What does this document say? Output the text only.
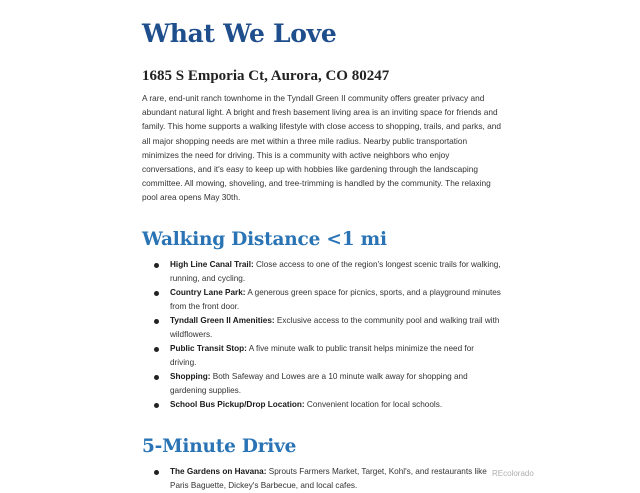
What We Love
1685 S Emporia Ct, Aurora, CO 80247

A rare, end-unit ranch townhome in the Tyndall Green II community offers greater privacy and abundant natural light. A bright and fresh basement living area is an inviting space for friends and family. This home supports a walking lifestyle with close access to shopping, trails, and parks, and all major shopping needs are met within a three mile radius. Nearby public transportation minimizes the need for driving. This is a community with active neighbors who enjoy conversations, and it's easy to keep up with hobbies like gardening through the landscaping committee. All mowing, shoveling, and tree-trimming is handled by the community. The relaxing pool area opens May 30th.

Walking Distance <1 mi
High Line Canal Trail: Close access to one of the region's longest scenic trails for walking, running, and cycling.
Country Lane Park: A generous green space for picnics, sports, and a playground minutes from the front door.
Tyndall Green II Amenities: Exclusive access to the community pool and walking trail with wildflowers.
Public Transit Stop: A five minute walk to public transit helps minimize the need for driving.
Shopping: Both Safeway and Lowes are a 10 minute walk away for shopping and gardening supplies.
School Bus Pickup/Drop Location: Convenient location for local schools.
5-Minute Drive
The Gardens on Havana: Sprouts Farmers Market, Target, Kohl's, and restaurants like Paris Baguette, Dickey's Barbecue, and local cafes.
REcolorado
